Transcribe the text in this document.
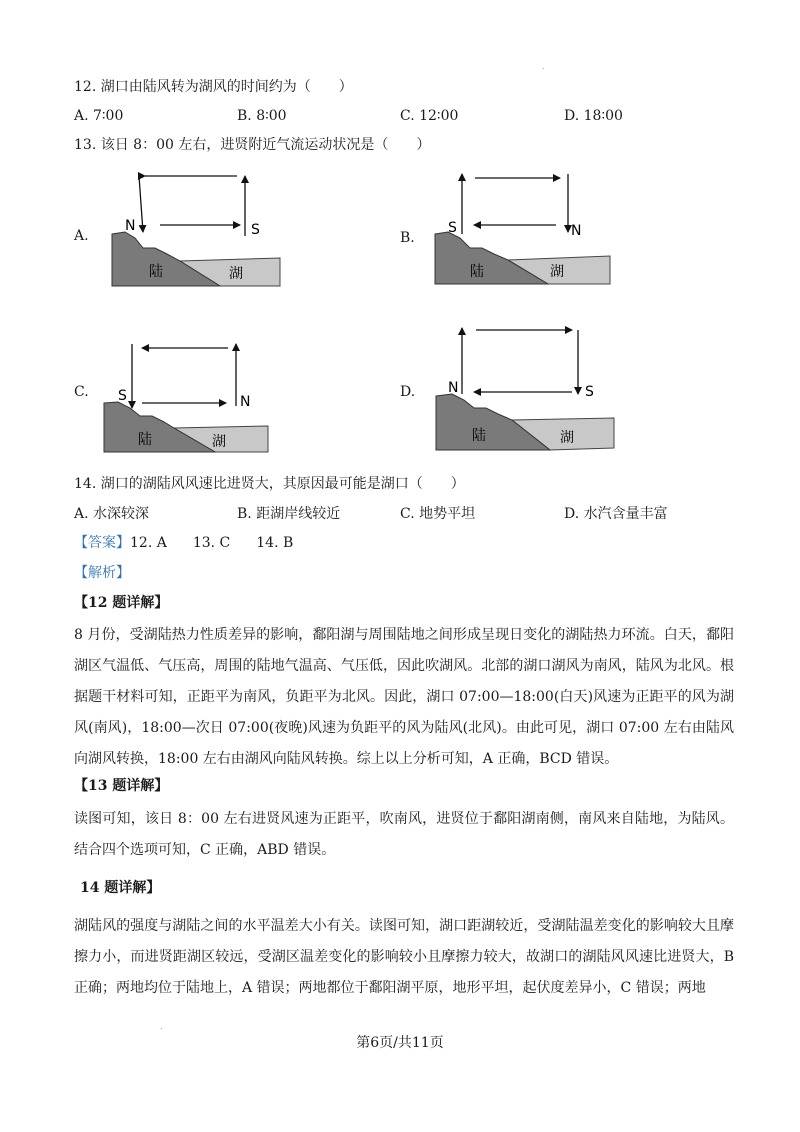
.
12. 湖口由陆风转为湖风的时间约为（　　）
A. 7∶00	B. 8∶00	C. 12∶00	D. 18∶00
13. 该日 8：00 左右，进贤附近气流运动状况是（　　）
A.
N	S
陆	湖
B.
S	N
陆	湖
C. S	N
陆	湖
D. N	S
陆	湖
14. 湖口的湖陆风风速比进贤大，其原因最可能是湖口（　　）
A. 水深较深	B. 距湖岸线较近	C. 地势平坦	D. 水汽含量丰富
【答案】12. A 13. C 14. B
【解析】
【12 题详解】
8 月份，受湖陆热力性质差异的影响，鄱阳湖与周围陆地之间形成呈现日变化的湖陆热力环流。白天，鄱阳湖区气温低、气压高，周围的陆地气温高、气压低，因此吹湖风。北部的湖口湖风为南风，陆风为北风。根据题干材料可知，正距平为南风，负距平为北风。因此，湖口 07:00—18:00(白天)风速为正距平的风为湖风(南风)，18:00—次日 07:00(夜晚)风速为负距平的风为陆风(北风)。由此可见，湖口 07:00 左右由陆风向湖风转换，18:00 左右由湖风向陆风转换。综上以上分析可知，A 正确，BCD 错误。
【13 题详解】
读图可知，该日 8：00 左右进贤风速为正距平，吹南风，进贤位于鄱阳湖南侧，南风来自陆地，为陆风。结合四个选项可知，C 正确，ABD 错误。
14 题详解】
湖陆风的强度与湖陆之间的水平温差大小有关。读图可知，湖口距湖较近，受湖陆温差变化的影响较大且摩擦力小，而进贤距湖区较远，受湖区温差变化的影响较小且摩擦力较大，故湖口的湖陆风风速比进贤大，B 正确；两地均位于陆地上，A 错误；两地都位于鄱阳湖平原，地形平坦，起伏度差异小，C 错误；两地
.
第6页/共11页
